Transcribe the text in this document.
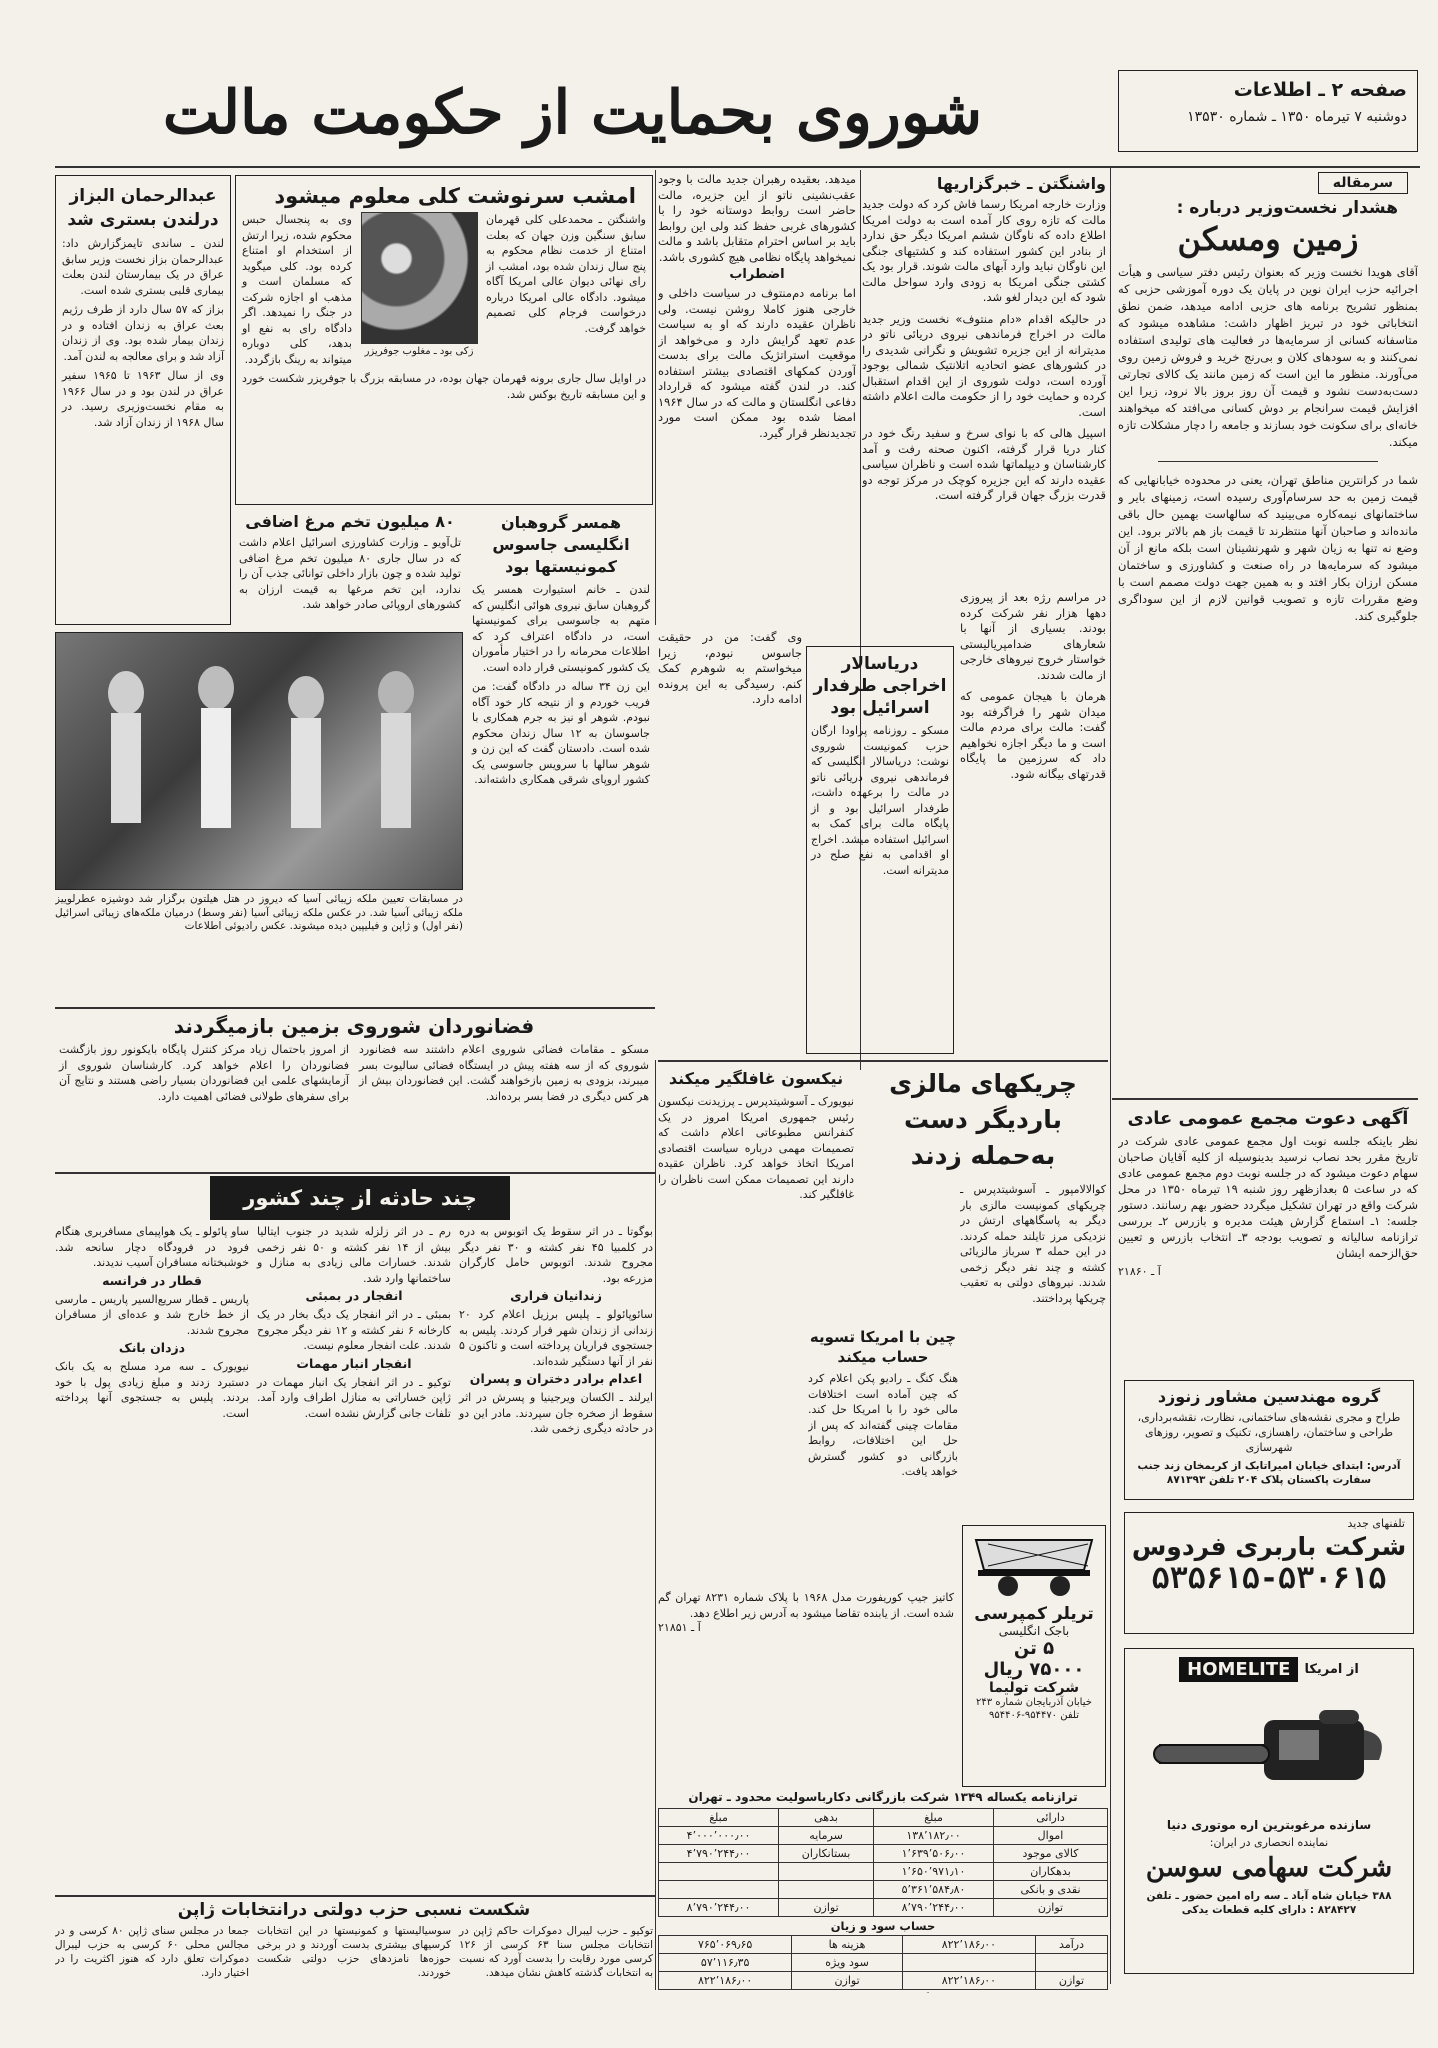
صفحه ۲ ـ اطلاعات
دوشنبه ۷ تیرماه ۱۳۵۰ ـ شماره ۱۳۵۳۰
شوروی بحمایت از حکومت مالت
سرمقاله
هشدار نخست‌وزیر درباره :
زمین ومسکن

آقای هویدا نخست وزیر که بعنوان رئیس دفتر سیاسی و هیأت اجرائیه حزب ایران نوین در پایان یک دوره آموزشی حزبی که بمنظور تشریح برنامه های حزبی ادامه میدهد، ضمن نطق انتخاباتی خود در تبریز اظهار داشت: مشاهده میشود که متاسفانه کسانی از سرمایه‌ها در فعالیت های تولیدی استفاده نمی‌کنند و به سودهای کلان و بی‌رنج خرید و فروش زمین روی می‌آورند. منظور ما این است که زمین مانند یک کالای تجارتی دست‌به‌دست نشود و قیمت آن روز بروز بالا نرود، زیرا این افزایش قیمت سرانجام بر دوش کسانی می‌افتد که میخواهند خانه‌ای برای سکونت خود بسازند و جامعه را دچار مشکلات تازه میکند.

شما در کرانترین مناطق تهران، یعنی در محدوده خیابانهایی که قیمت زمین به حد سرسام‌آوری رسیده است، زمینهای بایر و ساختمانهای نیمه‌کاره می‌بینید که سالهاست بهمین حال باقی مانده‌اند و صاحبان آنها منتظرند تا قیمت باز هم بالاتر برود. این وضع نه تنها به زیان شهر و شهرنشینان است بلکه مانع از آن میشود که سرمایه‌ها در راه صنعت و کشاورزی و ساختمان مسکن ارزان بکار افتد و به همین جهت دولت مصمم است با وضع مقررات تازه و تصویب قوانین لازم از این سوداگری جلوگیری کند.

آگهی دعوت مجمع عمومی عادی

نظر باینکه جلسه نوبت اول مجمع عمومی عادی شرکت در تاریخ مقرر بحد نصاب نرسید بدینوسیله از کلیه آقایان صاحبان سهام دعوت میشود که در جلسه نوبت دوم مجمع عمومی عادی که در ساعت ۵ بعدازظهر روز شنبه ۱۹ تیرماه ۱۳۵۰ در محل شرکت واقع در تهران تشکیل میگردد حضور بهم رسانند. دستور جلسه: ۱ـ استماع گزارش هیئت مدیره و بازرس ۲ـ بررسی ترازنامه سالیانه و تصویب بودجه ۳ـ انتخاب بازرس و تعیین حق‌الزحمه ایشان

آ ـ ۲۱۸۶۰
گروه مهندسین مشاور زنوزد
طراح و مجری نقشه‌های ساختمانی، نظارت، نقشه‌برداری، طراحی و ساختمان، راهسازی، تکنیک و تصویر، روزهای شهرسازی
آدرس: ابتدای خیابان امیراتابک از کریمخان زند جنب سفارت پاکستان پلاک ۲۰۴ تلفن ۸۷۱۳۹۳
تلفنهای جدید
شرکت باربری فردوس
۵۳۵۶۱۵-۵۳۰۶۱۵
از امریکا
HOMELITE
سازنده مرغوبترین اره موتوری دنیا
نماینده انحصاری در ایران:
شرکت سهامی سوسن
۳۸۸ خیابان شاه آباد ـ سه راه امین حضور ـ تلفن ۸۲۸۴۲۷ : دارای کلیه قطعات یدکی
واشنگتن ـ خبرگزاریها

وزارت خارجه امریکا رسما فاش کرد که دولت جدید مالت که تازه روی کار آمده است به دولت امریکا اطلاع داده که ناوگان ششم امریکا دیگر حق ندارد از بنادر این کشور استفاده کند و کشتیهای جنگی این ناوگان نباید وارد آبهای مالت شوند. قرار بود یک کشتی جنگی امریکا به زودی وارد سواحل مالت شود که این دیدار لغو شد.

در حالیکه اقدام «دام منتوف» نخست وزیر جدید مالت در اخراج فرماندهی نیروی دریائی ناتو در مدیترانه از این جزیره تشویش و نگرانی شدیدی را در کشورهای عضو اتحادیه اتلانتیک شمالی بوجود آورده است، دولت شوروی از این اقدام استقبال کرده و حمایت خود را از حکومت مالت اعلام داشته است.

اسپیل هالی که با نوای سرخ و سفید رنگ خود در کنار دریا قرار گرفته، اکنون صحنه رفت و آمد کارشناسان و دیپلماتها شده است و ناظران سیاسی عقیده دارند که این جزیره کوچک در مرکز توجه دو قدرت بزرگ جهان قرار گرفته است.

میدهد. بعقیده رهبران جدید مالت با وجود عقب‌نشینی ناتو از این جزیره، مالت حاضر است روابط دوستانه خود را با کشورهای غربی حفظ کند ولی این روابط باید بر اساس احترام متقابل باشد و مالت نمیخواهد پایگاه نظامی هیچ کشوری باشد.

اضطراب

اما برنامه دم‌منتوف در سیاست داخلی و خارجی هنوز کاملا روشن نیست. ولی ناظران عقیده دارند که او به سیاست عدم تعهد گرایش دارد و می‌خواهد از موقعیت استراتژیک مالت برای بدست آوردن کمکهای اقتصادی بیشتر استفاده کند. در لندن گفته میشود که قرارداد دفاعی انگلستان و مالت که در سال ۱۹۶۴ امضا شده بود ممکن است مورد تجدیدنظر قرار گیرد.

در مراسم رژه بعد از پیروزی دهها هزار نفر شرکت کرده بودند. بسیاری از آنها با شعارهای ضدامپریالیستی خواستار خروج نیروهای خارجی از مالت شدند.

هرمان با هیجان عمومی که میدان شهر را فراگرفته بود گفت: مالت برای مردم مالت است و ما دیگر اجازه نخواهیم داد که سرزمین ما پایگاه قدرتهای بیگانه شود.

دریاسالار اخراجی طرفدار اسرائیل بود

مسکو ـ روزنامه پراودا ارگان حزب کمونیست شوروی نوشت: دریاسالار انگلیسی که فرماندهی نیروی دریائی ناتو در مالت را برعهده داشت، طرفدار اسرائیل بود و از پایگاه مالت برای کمک به اسرائیل استفاده میشد. اخراج او اقدامی به نفع صلح در مدیترانه است.

وی گفت: من در حقیقت جاسوس نبودم، زیرا میخواستم به شوهرم کمک کنم. رسیدگی به این پرونده ادامه دارد.

امشب سرنوشت کلی معلوم میشود

واشنگتن ـ محمدعلی کلی قهرمان سابق سنگین وزن جهان که بعلت امتناع از خدمت نظام محکوم به پنج سال زندان شده بود، امشب از رای نهائی دیوان عالی امریکا آگاه میشود. دادگاه عالی امریکا درباره درخواست فرجام کلی تصمیم خواهد گرفت.

زکی بود ـ مغلوب جوفریزر

وی به پنجسال حبس محکوم شده، زیرا ارتش از استخدام او امتناع کرده بود. کلی میگوید که مسلمان است و مذهب او اجازه شرکت در جنگ را نمیدهد. اگر دادگاه رای به نفع او بدهد، کلی دوباره میتواند به رینگ بازگردد.

در اوایل سال جاری برونه قهرمان جهان بوده، در مسابقه بزرگ با جوفریزر شکست خورد و این مسابقه تاریخ بوکس شد.

عبدالرحمان البزاز درلندن بستری شد

لندن ـ ساندی تایمزگزارش داد: عبدالرحمان بزاز نخست وزیر سابق عراق در یک بیمارستان لندن بعلت بیماری قلبی بستری شده است.

بزاز که ۵۷ سال دارد از طرف رژیم بعث عراق به زندان افتاده و در زندان بیمار شده بود. وی از زندان آزاد شد و برای معالجه به لندن آمد.

وی از سال ۱۹۶۳ تا ۱۹۶۵ سفیر عراق در لندن بود و در سال ۱۹۶۶ به مقام نخست‌وزیری رسید. در سال ۱۹۶۸ از زندان آزاد شد.

۸۰ میلیون تخم مرغ اضافی

تل‌آویو ـ وزارت کشاورزی اسرائیل اعلام داشت که در سال جاری ۸۰ میلیون تخم مرغ اضافی تولید شده و چون بازار داخلی توانائی جذب آن را ندارد، این تخم مرغها به قیمت ارزان به کشورهای اروپائی صادر خواهد شد.

همسر گروهبان انگلیسی جاسوس کمونیستها بود

لندن ـ خانم استیوارت همسر یک گروهبان سابق نیروی هوائی انگلیس که متهم به جاسوسی برای کمونیستها است، در دادگاه اعتراف کرد که اطلاعات محرمانه را در اختیار مأموران یک کشور کمونیستی قرار داده است.

این زن ۳۴ ساله در دادگاه گفت: من فریب خوردم و از نتیجه کار خود آگاه نبودم. شوهر او نیز به جرم همکاری با جاسوسان به ۱۲ سال زندان محکوم شده است. دادستان گفت که این زن و شوهر سالها با سرویس جاسوسی یک کشور اروپای شرقی همکاری داشته‌اند.

در مسابقات تعیین ملکه زیبائی آسیا که دیروز در هتل هیلتون برگزار شد دوشیزه عطرلوییز ملکه زیبائی آسیا شد. در عکس ملکه زیبائی آسیا (نفر وسط) درمیان ملکه‌های زیبائی اسرائیل (نفر اول) و ژاپن و فیلیپین دیده میشوند. عکس رادیوئی اطلاعات

فضانوردان شوروی بزمین بازمیگردند

مسکو ـ مقامات فضائی شوروی اعلام داشتند سه فضانورد شوروی که از سه هفته پیش در ایستگاه فضائی سالیوت بسر میبرند، بزودی به زمین بازخواهند گشت. این فضانوردان بیش از هر کس دیگری در فضا بسر برده‌اند.

از امروز باحتمال زیاد مرکز کنترل پایگاه بایکونور روز بازگشت فضانوردان را اعلام خواهد کرد. کارشناسان شوروی از آزمایشهای علمی این فضانوردان بسیار راضی هستند و نتایج آن برای سفرهای طولانی فضائی اهمیت دارد.

چند حادثه از چند کشور

بوگوتا ـ در اثر سقوط یک اتوبوس به دره در کلمبیا ۴۵ نفر کشته و ۳۰ نفر دیگر مجروح شدند. اتوبوس حامل کارگران مزرعه بود.

زندانیان فراری

سائوپائولو ـ پلیس برزیل اعلام کرد ۲۰ زندانی از زندان شهر فرار کردند. پلیس به جستجوی فراریان پرداخته است و تاکنون ۵ نفر از آنها دستگیر شده‌اند.

اعدام برادر دختران و پسران

ایرلند ـ الکسان ویرجینیا و پسرش در اثر سقوط از صخره جان سپردند. مادر این دو در حادثه دیگری زخمی شد.

رم ـ در اثر زلزله شدید در جنوب ایتالیا بیش از ۱۴ نفر کشته و ۵۰ نفر زخمی شدند. خسارات مالی زیادی به منازل و ساختمانها وارد شد.

انفجار در بمبئی

بمبئی ـ در اثر انفجار یک دیگ بخار در یک کارخانه ۶ نفر کشته و ۱۲ نفر دیگر مجروح شدند. علت انفجار معلوم نیست.

انفجار انبار مهمات

توکیو ـ در اثر انفجار یک انبار مهمات در ژاپن خساراتی به منازل اطراف وارد آمد. تلفات جانی گزارش نشده است.

ساو پائولو ـ یک هواپیمای مسافربری هنگام فرود در فرودگاه دچار سانحه شد. خوشبختانه مسافران آسیب ندیدند.

قطار در فرانسه

پاریس ـ قطار سریع‌السیر پاریس ـ مارسی از خط خارج شد و عده‌ای از مسافران مجروح شدند.

دزدان بانک

نیویورک ـ سه مرد مسلح به یک بانک دستبرد زدند و مبلغ زیادی پول با خود بردند. پلیس به جستجوی آنها پرداخته است.

چریکهای مالزی باردیگر دست به‌حمله زدند

کوالالامپور ـ آسوشیتدپرس ـ چریکهای کمونیست مالزی بار دیگر به پاسگاههای ارتش در نزدیکی مرز تایلند حمله کردند. در این حمله ۳ سرباز مالزیائی کشته و چند نفر دیگر زخمی شدند. نیروهای دولتی به تعقیب چریکها پرداختند.

نیکسون غافلگیر میکند

نیویورک ـ آسوشیتدپرس ـ پرزیدنت نیکسون رئیس جمهوری امریکا امروز در یک کنفرانس مطبوعاتی اعلام داشت که تصمیمات مهمی درباره سیاست اقتصادی امریکا اتخاذ خواهد کرد. ناظران عقیده دارند این تصمیمات ممکن است ناظران را غافلگیر کند.

چین با امریکا تسویه حساب میکند

هنگ کنگ ـ رادیو پکن اعلام کرد که چین آماده است اختلافات مالی خود را با امریکا حل کند. مقامات چینی گفته‌اند که پس از حل این اختلافات، روابط بازرگانی دو کشور گسترش خواهد یافت.

تریلر کمپرسی
باجک انگلیسی
۵ تن
۷۵۰۰۰ ریال
شرکت تولیما
خیابان آذربایجان شماره ۲۴۳ تلفن ۹۵۴۴۷۰-۹۵۴۴۰۶

کاتیز جیپ کوریفورت مدل ۱۹۶۸ با پلاک شماره ۸۲۳۱ تهران گم شده است. از یابنده تقاضا میشود به آدرس زیر اطلاع دهد.

آ ـ ۲۱۸۵۱
ترازنامه یکساله ۱۳۴۹ شرکت بازرگانی دکارباسولیت محدود ـ تهران
دارائی	مبلغ	بدهی	مبلغ
اموال	۱۳۸٬۱۸۲٫۰۰	سرمایه	۴٬۰۰۰٬۰۰۰٫۰۰
کالای موجود	۱٬۶۳۹٬۵۰۶٫۰۰	بستانکاران	۴٬۷۹۰٬۲۴۴٫۰۰
بدهکاران	۱٬۶۵۰٬۹۷۱٫۱۰		
نقدی و بانکی	۵٬۳۶۱٬۵۸۴٫۸۰		
توازن	۸٬۷۹۰٬۲۴۴٫۰۰	توازن	۸٬۷۹۰٬۲۴۴٫۰۰
حساب سود و زیان
درآمد	۸۲۲٬۱۸۶٫۰۰	هزینه ها	۷۶۵٬۰۶۹٫۶۵
		سود ویژه	۵۷٬۱۱۶٫۳۵
توازن	۸۲۲٬۱۸۶٫۰۰	توازن	۸۲۲٬۱۸۶٫۰۰
شکست نسبی حزب دولتی درانتخابات ژاپن

توکیو ـ حزب لیبرال دموکرات حاکم ژاپن در انتخابات مجلس سنا ۶۳ کرسی از ۱۲۶ کرسی مورد رقابت را بدست آورد که نسبت به انتخابات گذشته کاهش نشان میدهد.

سوسیالیستها و کمونیستها در این انتخابات کرسیهای بیشتری بدست آوردند و در برخی حوزه‌ها نامزدهای حزب دولتی شکست خوردند.

جمعا در مجلس سنای ژاپن ۸۰ کرسی و در مجالس محلی ۶۰ کرسی به حزب لیبرال دموکرات تعلق دارد که هنوز اکثریت را در اختیار دارد.
